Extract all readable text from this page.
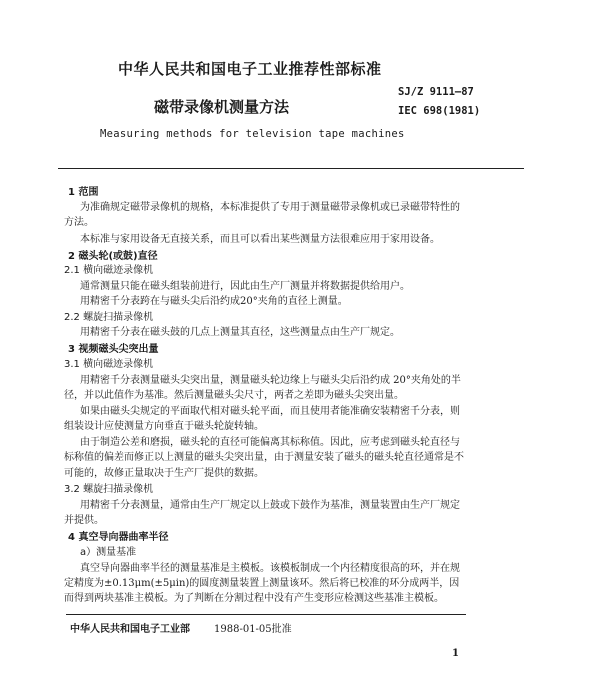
中华人民共和国电子工业推荐性部标准
SJ/Z 9111—87
磁带录像机测量方法	IEC 698(1981)
Measuring methods for television tape machines
1 范围
为准确规定磁带录像机的规格，本标准提供了专用于测量磁带录像机或已录磁带特性的
方法。
本标准与家用设备无直接关系，而且可以看出某些测量方法很难应用于家用设备。
2 磁头轮(或鼓)直径
2.1 横向磁迹录像机
通常测量只能在磁头组装前进行，因此由生产厂测量并将数据提供给用户。
用精密千分表跨在与磁头尖后沿约成20°夹角的直径上测量。
2.2 螺旋扫描录像机
用精密千分表在磁头鼓的几点上测量其直径，这些测量点由生产厂规定。
3 视频磁头尖突出量
3.1 横向磁迹录像机
用精密千分表测量磁头尖突出量，测量磁头轮边缘上与磁头尖后沿约成 20°夹角处的半
径，并以此值作为基准。然后测量磁头尖尺寸，两者之差即为磁头尖突出量。
如果由磁头尖规定的平面取代相对磁头轮平面，而且使用者能准确安装精密千分表，则
组装设计应使测量方向垂直于磁头轮旋转轴。
由于制造公差和磨损，磁头轮的直径可能偏离其标称值。因此，应考虑到磁头轮直径与
标称值的偏差而修正以上测量的磁头尖突出量，由于测量安装了磁头的磁头轮直径通常是不
可能的，故修正量取决于生产厂提供的数据。
3.2 螺旋扫描录像机
用精密千分表测量，通常由生产厂规定以上鼓或下鼓作为基准，测量装置由生产厂规定
并提供。
4 真空导向器曲率半径
a）测量基准
真空导向器曲率半径的测量基准是主模板。该模板制成一个内径精度很高的环，并在规
定精度为±0.13μm(±5μin)的圆度测量装置上测量该环。然后将已校准的环分成两半，因
而得到两块基准主模板。为了判断在分割过程中没有产生变形应检测这些基准主模板。
中华人民共和国电子工业部 1988-01-05批准
1
